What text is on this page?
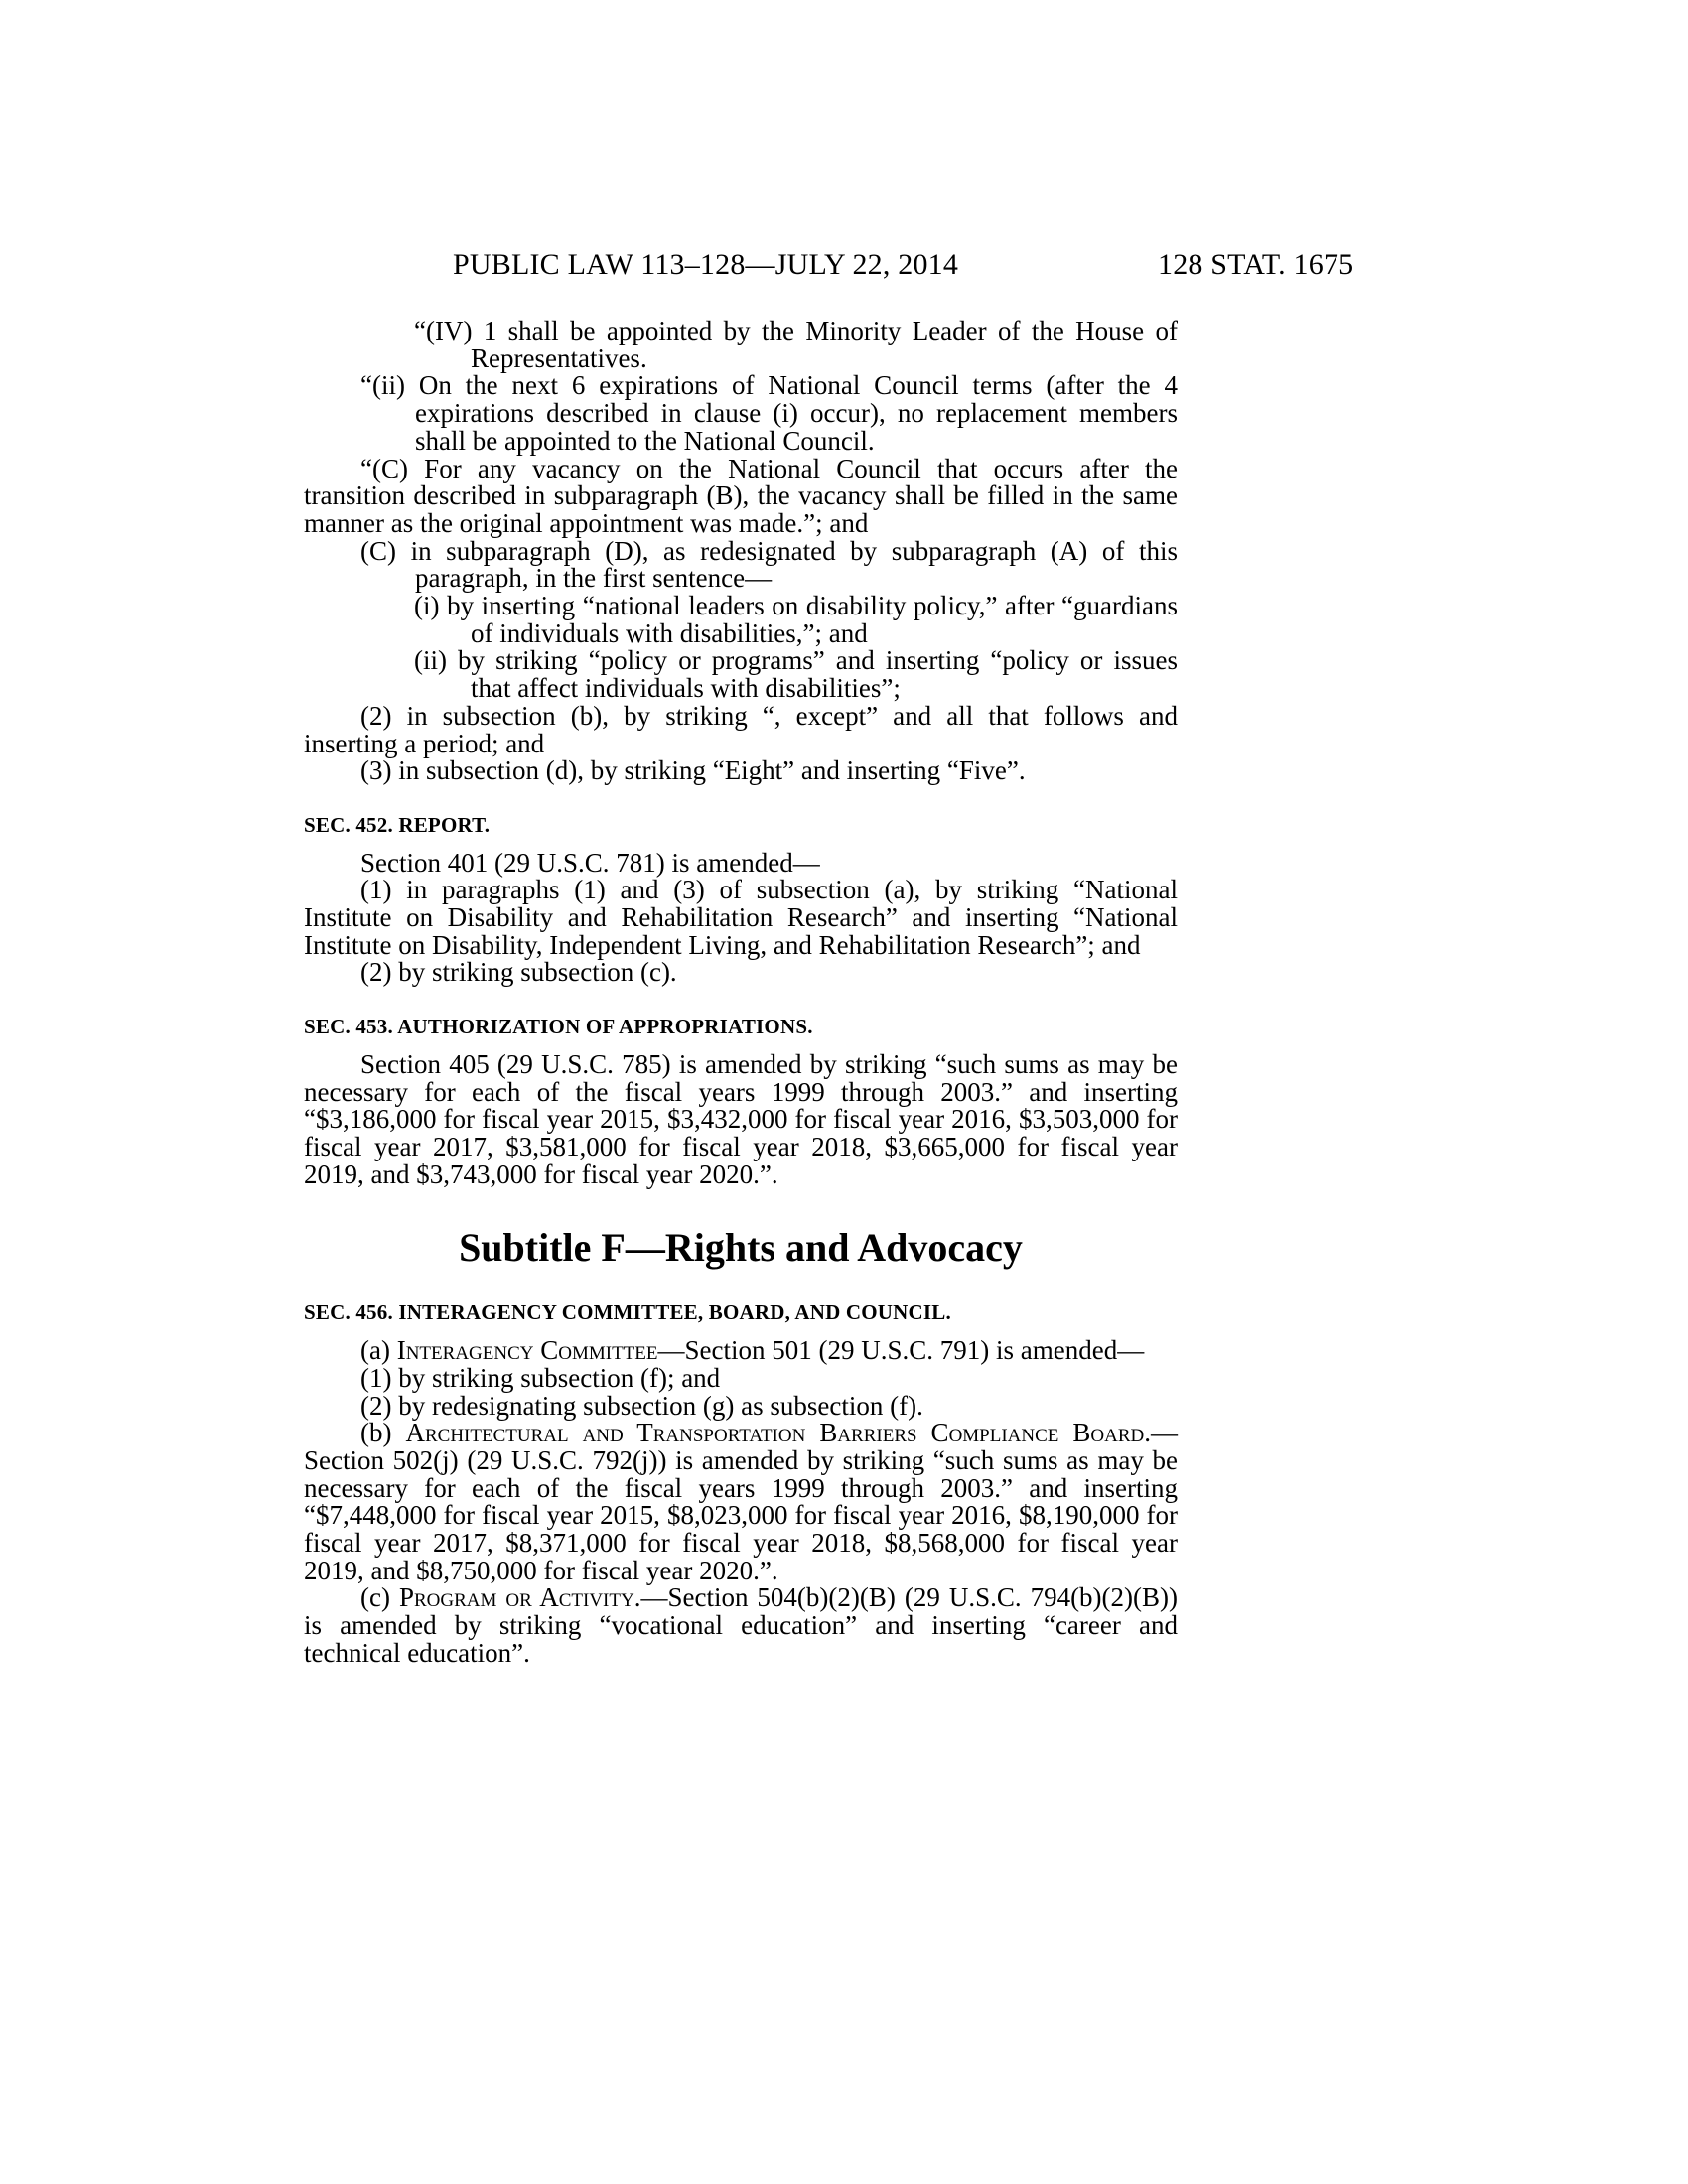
PUBLIC LAW 113–128—JULY 22, 2014	128 STAT. 1675

“(IV) 1 shall be appointed by the Minority Leader of the House of Representatives.

“(ii) On the next 6 expirations of National Council terms (after the 4 expirations described in clause (i) occur), no replacement members shall be appointed to the National Council.

“(C) For any vacancy on the National Council that occurs after the transition described in subparagraph (B), the vacancy shall be filled in the same manner as the original appointment was made.”; and

(C) in subparagraph (D), as redesignated by subparagraph (A) of this paragraph, in the first sentence—

(i) by inserting “national leaders on disability policy,” after “guardians of individuals with disabilities,”; and

(ii) by striking “policy or programs” and inserting “policy or issues that affect individuals with disabilities”;

(2) in subsection (b), by striking “, except” and all that follows and inserting a period; and

(3) in subsection (d), by striking “Eight” and inserting “Five”.

SEC. 452. REPORT.

Section 401 (29 U.S.C. 781) is amended—

(1) in paragraphs (1) and (3) of subsection (a), by striking “National Institute on Disability and Rehabilitation Research” and inserting “National Institute on Disability, Independent Living, and Rehabilitation Research”; and

(2) by striking subsection (c).

SEC. 453. AUTHORIZATION OF APPROPRIATIONS.

Section 405 (29 U.S.C. 785) is amended by striking “such sums as may be necessary for each of the fiscal years 1999 through 2003.” and inserting “$3,186,000 for fiscal year 2015, $3,432,000 for fiscal year 2016, $3,503,000 for fiscal year 2017, $3,581,000 for fiscal year 2018, $3,665,000 for fiscal year 2019, and $3,743,000 for fiscal year 2020.”.

Subtitle F—Rights and Advocacy
SEC. 456. INTERAGENCY COMMITTEE, BOARD, AND COUNCIL.

(a) Interagency Committee—Section 501 (29 U.S.C. 791) is amended—

(1) by striking subsection (f); and

(2) by redesignating subsection (g) as subsection (f).

(b) Architectural and Transportation Barriers Compliance Board.—Section 502(j) (29 U.S.C. 792(j)) is amended by striking “such sums as may be necessary for each of the fiscal years 1999 through 2003.” and inserting “$7,448,000 for fiscal year 2015, $8,023,000 for fiscal year 2016, $8,190,000 for fiscal year 2017, $8,371,000 for fiscal year 2018, $8,568,000 for fiscal year 2019, and $8,750,000 for fiscal year 2020.”.

(c) Program or Activity.—Section 504(b)(2)(B) (29 U.S.C. 794(b)(2)(B)) is amended by striking “vocational education” and inserting “career and technical education”.
